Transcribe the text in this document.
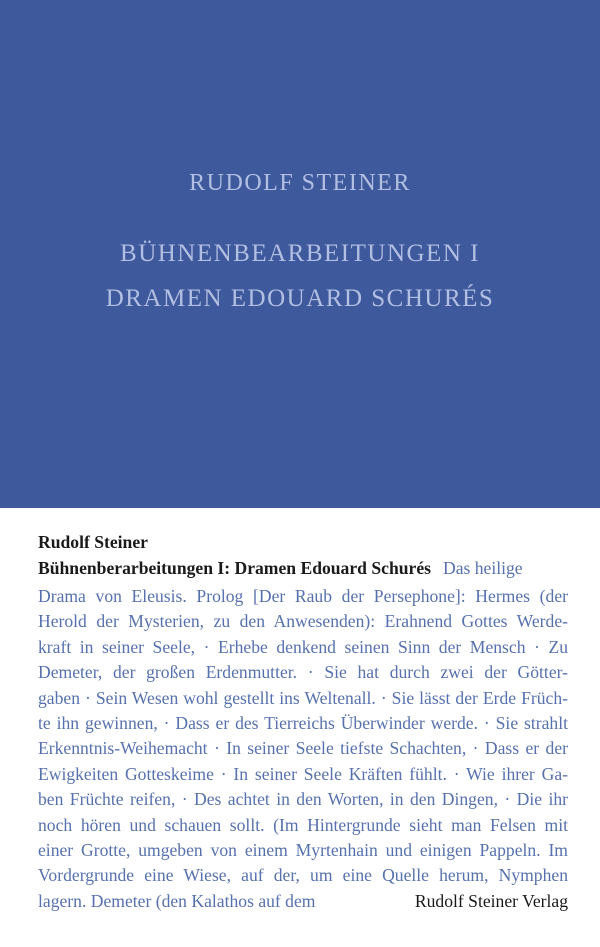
RUDOLF STEINER
BÜHNENBEARBEITUNGEN I
DRAMEN EDOUARD SCHURÉS
Rudolf Steiner
Bühnenberarbeitungen I: Dramen Edouard Schurés Das heilige
Drama von Eleusis. Prolog [Der Raub der Persephone]: Hermes (der
Herold der Mysterien, zu den Anwesenden): Erahnend Gottes Werde-
kraft in seiner Seele, · Erhebe denkend seinen Sinn der Mensch · Zu
Demeter, der großen Erdenmutter. · Sie hat durch zwei der Götter-
gaben · Sein Wesen wohl gestellt ins Weltenall. · Sie lässt der Erde Früch-
te ihn gewinnen, · Dass er des Tierreichs Überwinder werde. · Sie strahlt
Erkenntnis-Weihemacht · In seiner Seele tiefste Schachten, · Dass er der
Ewigkeiten Gotteskeime · In seiner Seele Kräften fühlt. · Wie ihrer Ga-
ben Früchte reifen, · Des achtet in den Worten, in den Dingen, · Die ihr
noch hören und schauen sollt. (Im Hintergrunde sieht man Felsen mit
einer Grotte, umgeben von einem Myrtenhain und einigen Pappeln. Im
Vordergrunde eine Wiese, auf der, um eine Quelle herum, Nymphen
lagern. Demeter (den Kalathos auf dem	Rudolf Steiner Verlag
